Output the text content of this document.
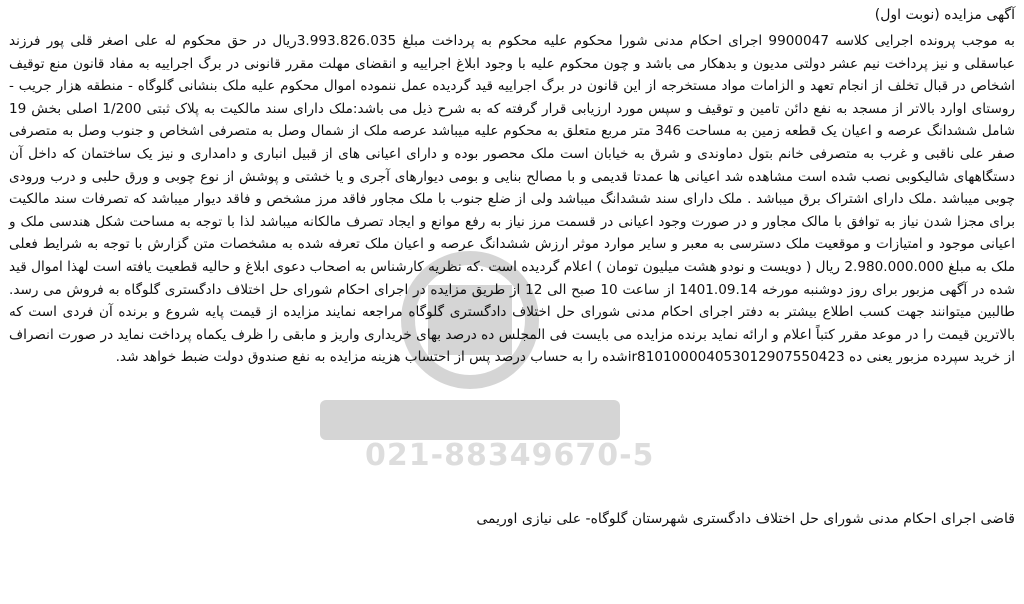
آگهی مزایده (نوبت اول)

به موجب پرونده اجرایی کلاسه 9900047 اجرای احکام مدنی شورا محکوم علیه محکوم به پرداخت مبلغ 3.993.826.035ریال در حق محکوم له علی اصغر قلی پور فرزند عباسقلی و نیز پرداخت نیم عشر دولتی مدیون و بدهکار می باشد و چون محکوم علیه با وجود ابلاغ اجراییه و انقضای مهلت مقرر قانونی در برگ اجراییه به مفاد قانون منع توقیف اشخاص در قبال تخلف از انجام تعهد و الزامات مواد مستخرجه از این قانون در برگ اجراییه قید گردیده عمل ننموده اموال محکوم علیه ملک بنشانی گلوگاه - منطقه هزار جریب - روستای اوارد بالاتر از مسجد به نفع دائن تامین و توقیف و سپس مورد ارزیابی قرار گرفته که به شرح ذیل می باشد:ملک دارای سند مالکیت به پلاک ثبتی 1/200 اصلی بخش 19 شامل ششدانگ عرصه و اعیان یک قطعه زمین به مساحت 346 متر مربع متعلق به محکوم علیه میباشد عرصه ملک از شمال وصل به متصرفی اشخاص و جنوب وصل به متصرفی صفر علی ناقبی و غرب به متصرفی خانم بتول دماوندی و شرق به خیابان است ملک محصور بوده و دارای اعیانی های از قبیل انباری و دامداری و نیز یک ساختمان که داخل آن دستگاههای شالیکوبی نصب شده است مشاهده شد اعیانی ها عمدتا قدیمی و با مصالح بنایی و بومی دیوارهای آجری و یا خشتی و پوشش از نوع چوبی و ورق حلبی و درب ورودی چوبی میباشد .ملک دارای اشتراک برق میباشد . ملک دارای سند ششدانگ میباشد ولی از ضلع جنوب با ملک مجاور فاقد مرز مشخص و فاقد دیوار میباشد که تصرفات سند مالکیت برای مجزا شدن نیاز به توافق با مالک مجاور و در صورت وجود اعیانی در قسمت مرز نیاز به رفع موانع و ایجاد تصرف مالکانه میباشد لذا با توجه به مساحت شکل هندسی ملک و اعیانی موجود و امتیازات و موقعیت ملک دسترسی به معبر و سایر موارد موثر ارزش ششدانگ عرصه و اعیان ملک تعرفه شده به مشخصات متن گزارش با توجه به شرایط فعلی ملک به مبلغ 2.980.000.000 ریال ( دویست و نودو هشت میلیون تومان ) اعلام گردیده است .که نظریه کارشناس به اصحاب دعوی ابلاغ و حالیه قطعیت یافته است لهذا اموال قید شده در آگهی مزبور برای روز دوشنبه مورخه 1401.09.14 از ساعت 10 صبح الی 12 از طریق مزایده در اجرای احکام شورای حل اختلاف دادگستری گلوگاه به فروش می رسد. طالبین میتوانند جهت کسب اطلاع بیشتر به دفتر اجرای احکام مدنی شورای حل اختلاف دادگستری گلوگاه مراجعه نمایند مزایده از قیمت پایه شروع و برنده آن فردی است که بالاترین قیمت را در موعد مقرر کتباً اعلام و ارائه نماید برنده مزایده می بایست فی المجلس ده درصد بهای خریداری واریز و مابقی را ظرف یکماه پرداخت نماید در صورت انصراف از خرید سپرده مزبور یعنی ده ir810100004053012907550423شده را به حساب درصد پس از احتساب هزینه مزایده به نفع صندوق دولت ضبط خواهد شد.

021-88349670-5
قاضی اجرای احکام مدنی شورای حل اختلاف دادگستری شهرستان گلوگاه- علی نیازی اوریمی
